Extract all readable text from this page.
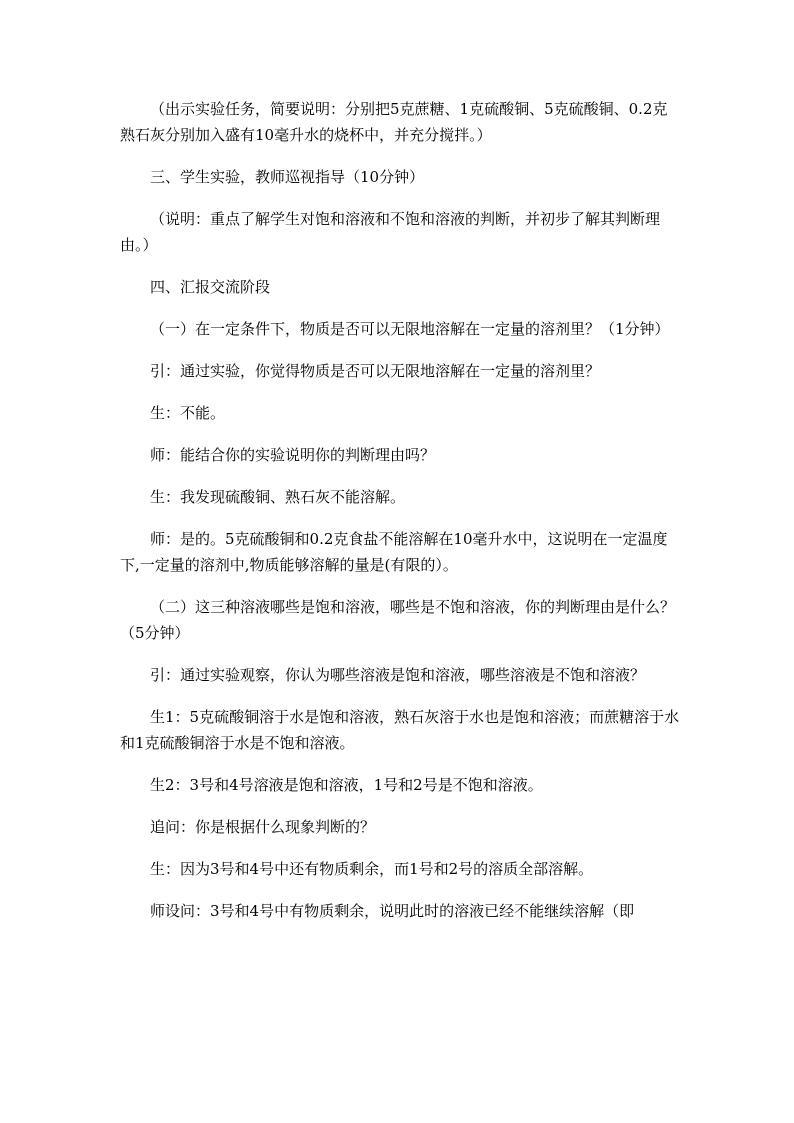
（出示实验任务，简要说明：分别把5克蔗糖、1克硫酸铜、5克硫酸铜、0.2克熟石灰分别加入盛有10毫升水的烧杯中，并充分搅拌。）

三、学生实验，教师巡视指导（10分钟）

（说明：重点了解学生对饱和溶液和不饱和溶液的判断，并初步了解其判断理由。）

四、汇报交流阶段

（一）在一定条件下，物质是否可以无限地溶解在一定量的溶剂里？（1分钟）

引：通过实验，你觉得物质是否可以无限地溶解在一定量的溶剂里？

生：不能。

师：能结合你的实验说明你的判断理由吗？

生：我发现硫酸铜、熟石灰不能溶解。

师：是的。5克硫酸铜和0.2克食盐不能溶解在10毫升水中，这说明在一定温度下,一定量的溶剂中,物质能够溶解的量是(有限的）。

（二）这三种溶液哪些是饱和溶液，哪些是不饱和溶液，你的判断理由是什么？（5分钟）

引：通过实验观察，你认为哪些溶液是饱和溶液，哪些溶液是不饱和溶液？

生1：5克硫酸铜溶于水是饱和溶液，熟石灰溶于水也是饱和溶液；而蔗糖溶于水和1克硫酸铜溶于水是不饱和溶液。

生2：3号和4号溶液是饱和溶液，1号和2号是不饱和溶液。

追问：你是根据什么现象判断的？

生：因为3号和4号中还有物质剩余，而1号和2号的溶质全部溶解。

师设问：3号和4号中有物质剩余，说明此时的溶液已经不能继续溶解（即
